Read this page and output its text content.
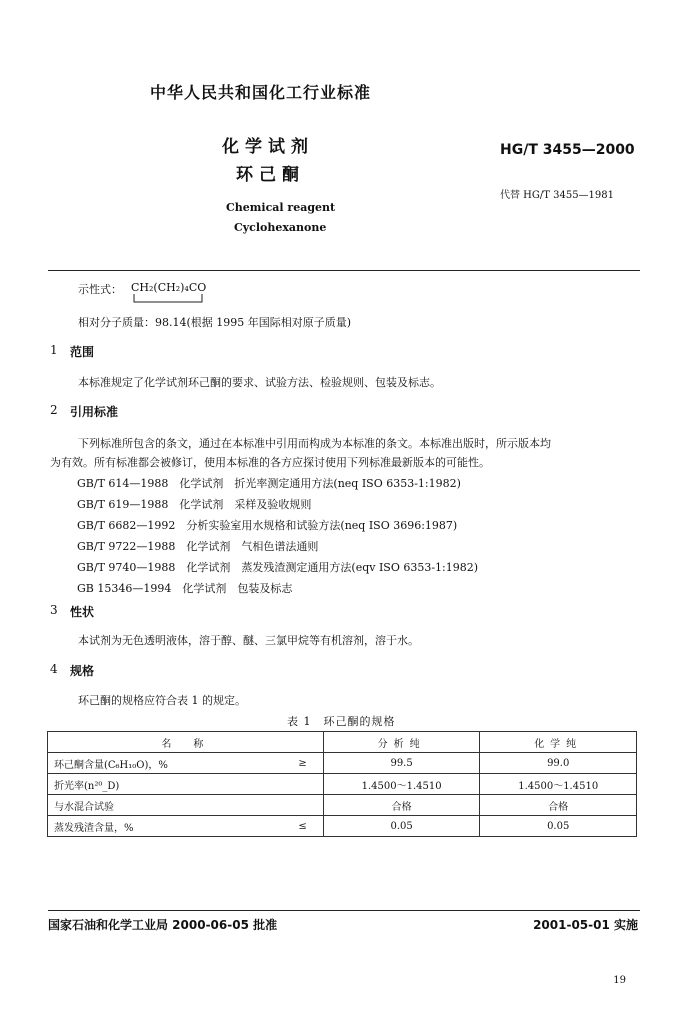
中华人民共和国化工行业标准
化学试剂
环己酮
HG/T 3455—2000
代替 HG/T 3455—1981
Chemical reagent
Cyclohexanone
示性式： CH₂(CH₂)₄CO
相对分子质量：98.14(根据 1995 年国际相对原子质量)
1 范围
本标准规定了化学试剂环己酮的要求、试验方法、检验规则、包装及标志。
2 引用标准
下列标准所包含的条文，通过在本标准中引用而构成为本标准的条文。本标准出版时，所示版本均
为有效。所有标准都会被修订，使用本标准的各方应探讨使用下列标准最新版本的可能性。
GB/T 614—1988　化学试剂　折光率测定通用方法(neq ISO 6353-1:1982)
GB/T 619—1988　化学试剂　采样及验收规则
GB/T 6682—1992　分析实验室用水规格和试验方法(neq ISO 3696:1987)
GB/T 9722—1988　化学试剂　气相色谱法通则
GB/T 9740—1988　化学试剂　蒸发残渣测定通用方法(eqv ISO 6353-1:1982)
GB 15346—1994　化学试剂　包装及标志
3 性状
本试剂为无色透明液体，溶于醇、醚、三氯甲烷等有机溶剂，溶于水。
4 规格
环己酮的规格应符合表 1 的规定。
表 1　环己酮的规格
名　称		分析纯	化学纯
环己酮含量(C₆H₁₀O)，%	≥	99.5	99.0
折光率(n²⁰_D)		1.4500～1.4510	1.4500～1.4510
与水混合试验		合格	合格
蒸发残渣含量，%	≤	0.05	0.05
国家石油和化学工业局 2000-06-05 批准	2001-05-01 实施
19
